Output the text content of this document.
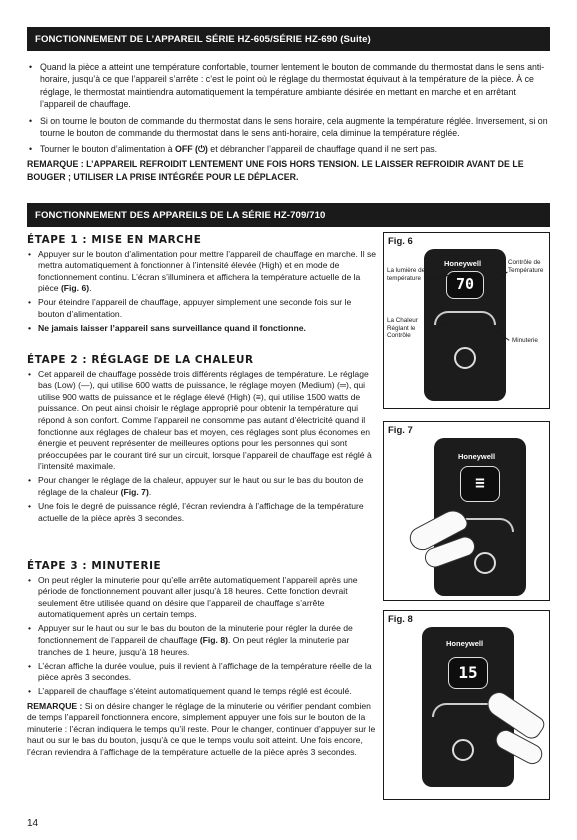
FONCTIONNEMENT DE L’APPAREIL SÉRIE HZ-605/SÉRIE HZ-690 (Suite)
• Quand la pièce a atteint une température confortable, tourner lentement le bouton de commande du thermostat dans le sens anti-horaire, jusqu’à ce que l’appareil s’arrête : c’est le point où le réglage du thermostat équivaut à la température de la pièce. À ce réglage, le thermostat maintiendra automatiquement la température ambiante désirée en mettant en marche et en arrêtant l’appareil de chauffage.
• Si on tourne le bouton de commande du thermostat dans le sens horaire, cela augmente la température réglée. Inversement, si on tourne le bouton de commande du thermostat dans le sens anti-horaire, cela diminue la température réglée.
• Tourner le bouton d’alimentation à OFF (⏻) et débrancher l’appareil de chauffage quand il ne sert pas.
REMARQUE : L’APPAREIL REFROIDIT LENTEMENT UNE FOIS HORS TENSION. LE LAISSER REFROIDIR AVANT DE LE BOUGER ; UTILISER LA PRISE INTÉGRÉE POUR LE DÉPLACER.
FONCTIONNEMENT DES APPAREILS DE LA SÉRIE HZ-709/710
ÉTAPE 1 : MISE EN MARCHE
• Appuyer sur le bouton d’alimentation pour mettre l’appareil de chauffage en marche. Il se mettra automatiquement à fonctionner à l’intensité élevée (High) et en mode de fonctionnement continu. L’écran s’illuminera et affichera la température actuelle de la pièce (Fig. 6).
• Pour éteindre l’appareil de chauffage, appuyer simplement une seconde fois sur le bouton d’alimentation.
• Ne jamais laisser l’appareil sans surveillance quand il fonctionne.
ÉTAPE 2 : RÉGLAGE DE LA CHALEUR
• Cet appareil de chauffage possède trois différents réglages de température. Le réglage bas (Low) (—), qui utilise 600 watts de puissance, le réglage moyen (Medium) (═), qui utilise 900 watts de puissance et le réglage élevé (High) (≡), qui utilise 1500 watts de puissance. On peut ainsi choisir le réglage approprié pour obtenir la température qui répond à son confort. Comme l’appareil ne consomme pas autant d’électricité quand il fonctionne aux réglages de chaleur bas et moyen, ces réglages sont plus économes en énergie et peuvent représenter de meilleures options pour les personnes qui sont préoccupées par le courant tiré sur un circuit, lorsque l’appareil de chauffage est réglé à l’intensité maximale.
• Pour changer le réglage de la chaleur, appuyer sur le haut ou sur le bas du bouton de réglage de la chaleur (Fig. 7).
• Une fois le degré de puissance réglé, l’écran reviendra à l’affichage de la température actuelle de la pièce après 3 secondes.
ÉTAPE 3 : MINUTERIE
• On peut régler la minuterie pour qu’elle arrête automatiquement l’appareil après une période de fonctionnement pouvant aller jusqu’à 18 heures. Cette fonction devrait seulement être utilisée quand on désire que l’appareil de chauffage s’arrête automatiquement après un certain temps.
• Appuyer sur le haut ou sur le bas du bouton de la minuterie pour régler la durée de fonctionnement de l’appareil de chauffage (Fig. 8). On peut régler la minuterie par tranches de 1 heure, jusqu’à 18 heures.
• L’écran affiche la durée voulue, puis il revient à l’affichage de la température réelle de la pièce après 3 secondes.
• L’appareil de chauffage s’éteint automatiquement quand le temps réglé est écoulé.
REMARQUE : Si on désire changer le réglage de la minuterie ou vérifier pendant combien de temps l’appareil fonctionnera encore, simplement appuyer une fois sur le bouton de la minuterie : l’écran indiquera le temps qu’il reste. Pour le changer, continuer d’appuyer sur le haut ou sur le bas du bouton, jusqu’à ce que le temps voulu soit atteint. Une fois encore, l’écran reviendra à l’affichage de la température actuelle de la pièce après 3 secondes.
Fig. 6
Honeywell
70
La lumière de température
Contrôle de Température
La Chaleur Réglant le Contrôle
Minuterie
Fig. 7
Honeywell
≡
Fig. 8
Honeywell
15
14
